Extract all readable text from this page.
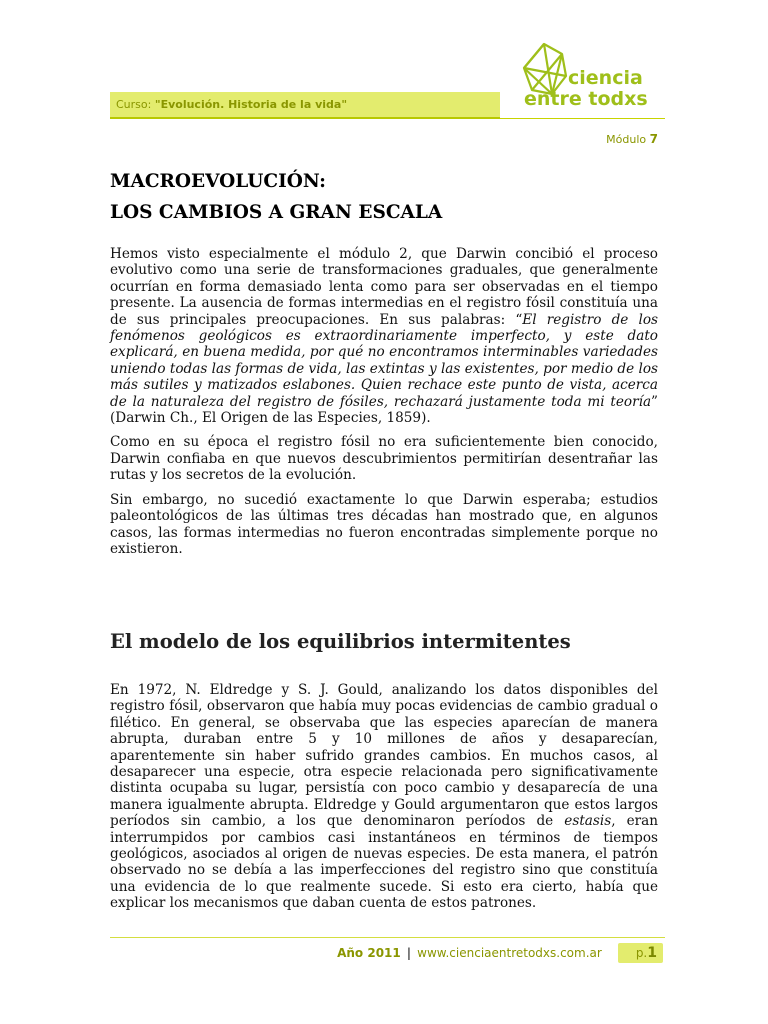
Curso: "Evolución. Historia de la vida"
ciencia
entre todxs
Módulo 7
MACROEVOLUCIÓN:
LOS CAMBIOS A GRAN ESCALA

Hemos visto especialmente el módulo 2, que Darwin concibió el proceso evolutivo como una serie de transformaciones graduales, que generalmente ocurrían en forma demasiado lenta como para ser observadas en el tiempo presente. La ausencia de formas intermedias en el registro fósil constituía una de sus principales preocupaciones. En sus palabras: “El registro de los fenómenos geológicos es extraordinariamente imperfecto, y este dato explicará, en buena medida, por qué no encontramos interminables variedades uniendo todas las formas de vida, las extintas y las existentes, por medio de los más sutiles y matizados eslabones. Quien rechace este punto de vista, acerca de la naturaleza del registro de fósiles, rechazará justamente toda mi teoría” (Darwin Ch., El Origen de las Especies, 1859).

Como en su época el registro fósil no era suficientemente bien conocido, Darwin confiaba en que nuevos descubrimientos permitirían desentrañar las rutas y los secretos de la evolución.

Sin embargo, no sucedió exactamente lo que Darwin esperaba; estudios paleontológicos de las últimas tres décadas han mostrado que, en algunos casos, las formas intermedias no fueron encontradas simplemente porque no existieron.

El modelo de los equilibrios intermitentes

En 1972, N. Eldredge y S. J. Gould, analizando los datos disponibles del registro fósil, observaron que había muy pocas evidencias de cambio gradual o filético. En general, se observaba que las especies aparecían de manera abrupta, duraban entre 5 y 10 millones de años y desaparecían, aparentemente sin haber sufrido grandes cambios. En muchos casos, al desaparecer una especie, otra especie relacionada pero significativamente distinta ocupaba su lugar, persistía con poco cambio y desaparecía de una manera igualmente abrupta. Eldredge y Gould argumentaron que estos largos períodos sin cambio, a los que denominaron períodos de estasis, eran interrumpidos por cambios casi instantáneos en términos de tiempos geológicos, asociados al origen de nuevas especies. De esta manera, el patrón observado no se debía a las imperfecciones del registro sino que constituía una evidencia de lo que realmente sucede. Si esto era cierto, había que explicar los mecanismos que daban cuenta de estos patrones.

Año 2011 | www.cienciaentretodxs.com.ar	p.1
